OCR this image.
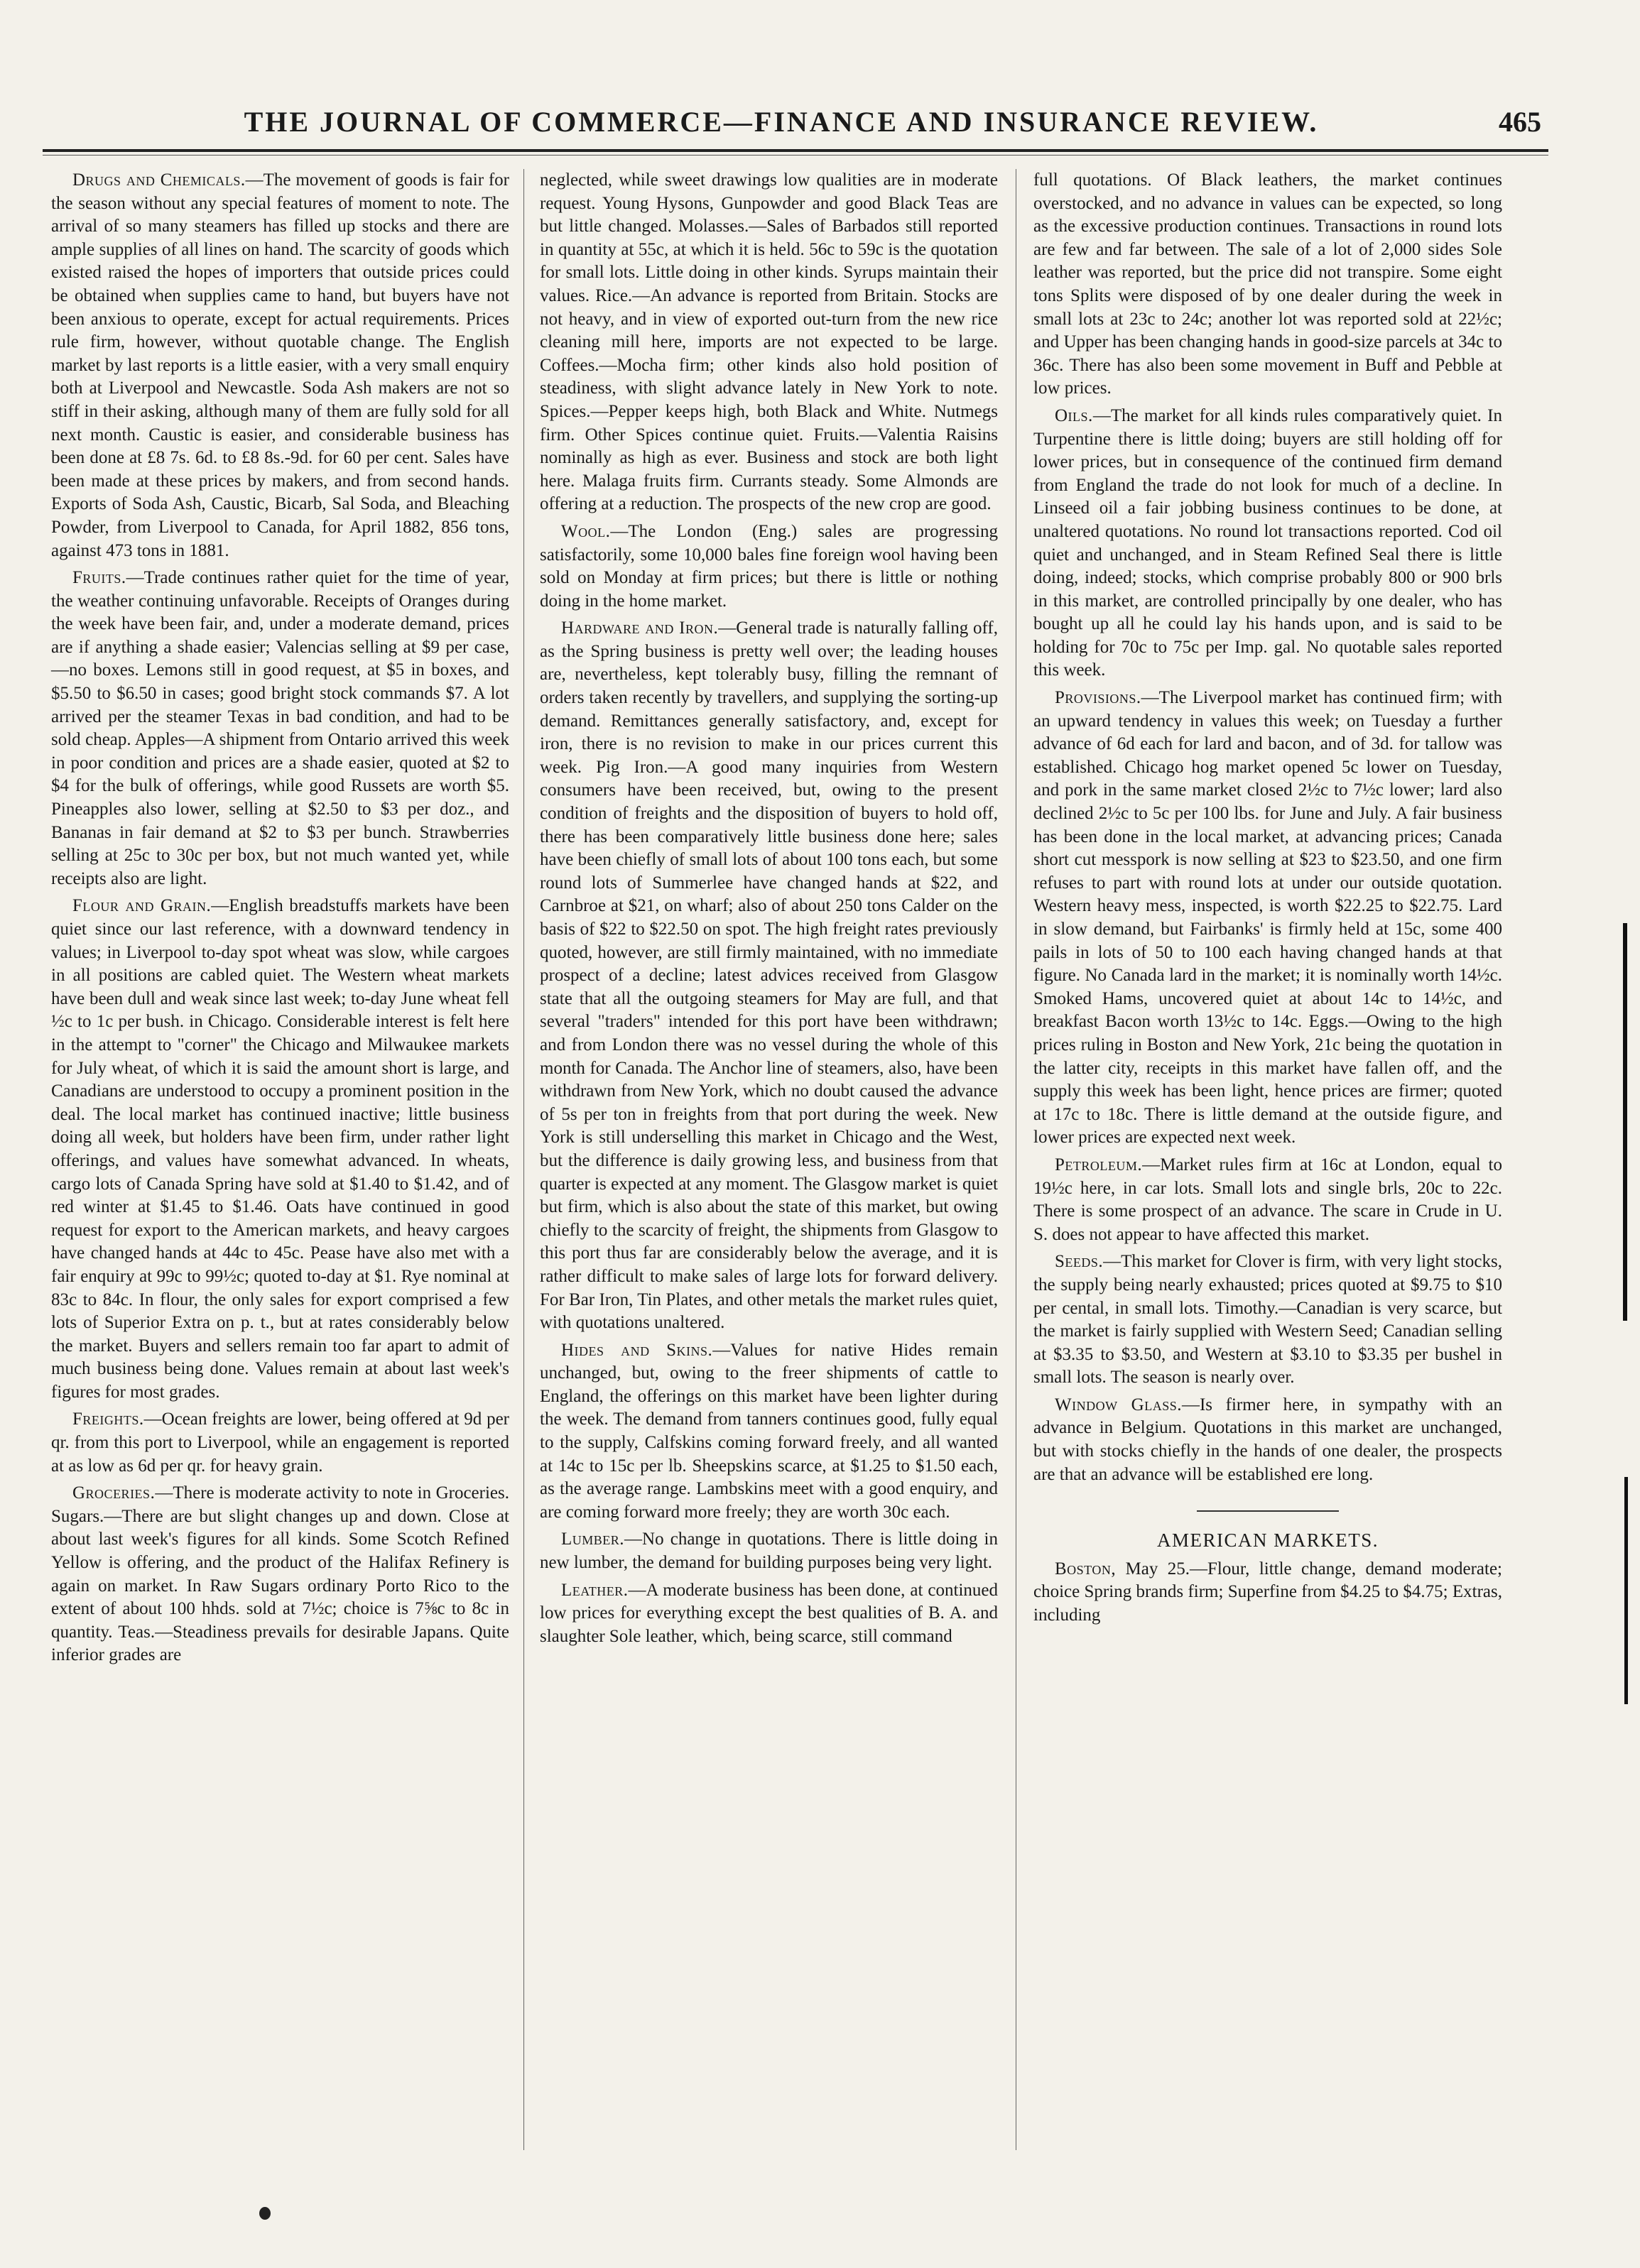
THE JOURNAL OF COMMERCE—FINANCE AND INSURANCE REVIEW.	465

Drugs and Chemicals.—The movement of goods is fair for the season without any special features of moment to note. The arrival of so many steamers has filled up stocks and there are ample supplies of all lines on hand. The scarcity of goods which existed raised the hopes of importers that outside prices could be obtained when supplies came to hand, but buyers have not been anxious to operate, except for actual requirements. Prices rule firm, however, without quotable change. The English market by last reports is a little easier, with a very small enquiry both at Liverpool and Newcastle. Soda Ash makers are not so stiff in their asking, although many of them are fully sold for all next month. Caustic is easier, and considerable business has been done at £8 7s. 6d. to £8 8s.-9d. for 60 per cent. Sales have been made at these prices by makers, and from second hands. Exports of Soda Ash, Caustic, Bicarb, Sal Soda, and Bleaching Powder, from Liverpool to Canada, for April 1882, 856 tons, against 473 tons in 1881.

Fruits.—Trade continues rather quiet for the time of year, the weather continuing unfavorable. Receipts of Oranges during the week have been fair, and, under a moderate demand, prices are if anything a shade easier; Valencias selling at $9 per case,—no boxes. Lemons still in good request, at $5 in boxes, and $5.50 to $6.50 in cases; good bright stock commands $7. A lot arrived per the steamer Texas in bad condition, and had to be sold cheap. Apples—A shipment from Ontario arrived this week in poor condition and prices are a shade easier, quoted at $2 to $4 for the bulk of offerings, while good Russets are worth $5. Pineapples also lower, selling at $2.50 to $3 per doz., and Bananas in fair demand at $2 to $3 per bunch. Strawberries selling at 25c to 30c per box, but not much wanted yet, while receipts also are light.

Flour and Grain.—English breadstuffs markets have been quiet since our last reference, with a downward tendency in values; in Liverpool to-day spot wheat was slow, while cargoes in all positions are cabled quiet. The Western wheat markets have been dull and weak since last week; to-day June wheat fell ½c to 1c per bush. in Chicago. Considerable interest is felt here in the attempt to "corner" the Chicago and Milwaukee markets for July wheat, of which it is said the amount short is large, and Canadians are understood to occupy a prominent position in the deal. The local market has continued inactive; little business doing all week, but holders have been firm, under rather light offerings, and values have somewhat advanced. In wheats, cargo lots of Canada Spring have sold at $1.40 to $1.42, and of red winter at $1.45 to $1.46. Oats have continued in good request for export to the American markets, and heavy cargoes have changed hands at 44c to 45c. Pease have also met with a fair enquiry at 99c to 99½c; quoted to-day at $1. Rye nominal at 83c to 84c. In flour, the only sales for export comprised a few lots of Superior Extra on p. t., but at rates considerably below the market. Buyers and sellers remain too far apart to admit of much business being done. Values remain at about last week's figures for most grades.

Freights.—Ocean freights are lower, being offered at 9d per qr. from this port to Liverpool, while an engagement is reported at as low as 6d per qr. for heavy grain.

Groceries.—There is moderate activity to note in Groceries. Sugars.—There are but slight changes up and down. Close at about last week's figures for all kinds. Some Scotch Refined Yellow is offering, and the product of the Halifax Refinery is again on market. In Raw Sugars ordinary Porto Rico to the extent of about 100 hhds. sold at 7½c; choice is 7⅝c to 8c in quantity. Teas.—Steadiness prevails for desirable Japans. Quite inferior grades are

neglected, while sweet drawings low qualities are in moderate request. Young Hysons, Gunpowder and good Black Teas are but little changed. Molasses.—Sales of Barbados still reported in quantity at 55c, at which it is held. 56c to 59c is the quotation for small lots. Little doing in other kinds. Syrups maintain their values. Rice.—An advance is reported from Britain. Stocks are not heavy, and in view of exported out-turn from the new rice cleaning mill here, imports are not expected to be large. Coffees.—Mocha firm; other kinds also hold position of steadiness, with slight advance lately in New York to note. Spices.—Pepper keeps high, both Black and White. Nutmegs firm. Other Spices continue quiet. Fruits.—Valentia Raisins nominally as high as ever. Business and stock are both light here. Malaga fruits firm. Currants steady. Some Almonds are offering at a reduction. The prospects of the new crop are good.

Wool.—The London (Eng.) sales are progressing satisfactorily, some 10,000 bales fine foreign wool having been sold on Monday at firm prices; but there is little or nothing doing in the home market.

Hardware and Iron.—General trade is naturally falling off, as the Spring business is pretty well over; the leading houses are, nevertheless, kept tolerably busy, filling the remnant of orders taken recently by travellers, and supplying the sorting-up demand. Remittances generally satisfactory, and, except for iron, there is no revision to make in our prices current this week. Pig Iron.—A good many inquiries from Western consumers have been received, but, owing to the present condition of freights and the disposition of buyers to hold off, there has been comparatively little business done here; sales have been chiefly of small lots of about 100 tons each, but some round lots of Summerlee have changed hands at $22, and Carnbroe at $21, on wharf; also of about 250 tons Calder on the basis of $22 to $22.50 on spot. The high freight rates previously quoted, however, are still firmly maintained, with no immediate prospect of a decline; latest advices received from Glasgow state that all the outgoing steamers for May are full, and that several "traders" intended for this port have been withdrawn; and from London there was no vessel during the whole of this month for Canada. The Anchor line of steamers, also, have been withdrawn from New York, which no doubt caused the advance of 5s per ton in freights from that port during the week. New York is still underselling this market in Chicago and the West, but the difference is daily growing less, and business from that quarter is expected at any moment. The Glasgow market is quiet but firm, which is also about the state of this market, but owing chiefly to the scarcity of freight, the shipments from Glasgow to this port thus far are considerably below the average, and it is rather difficult to make sales of large lots for forward delivery. For Bar Iron, Tin Plates, and other metals the market rules quiet, with quotations unaltered.

Hides and Skins.—Values for native Hides remain unchanged, but, owing to the freer shipments of cattle to England, the offerings on this market have been lighter during the week. The demand from tanners continues good, fully equal to the supply, Calfskins coming forward freely, and all wanted at 14c to 15c per lb. Sheepskins scarce, at $1.25 to $1.50 each, as the average range. Lambskins meet with a good enquiry, and are coming forward more freely; they are worth 30c each.

Lumber.—No change in quotations. There is little doing in new lumber, the demand for building purposes being very light.

Leather.—A moderate business has been done, at continued low prices for everything except the best qualities of B. A. and slaughter Sole leather, which, being scarce, still command

full quotations. Of Black leathers, the market continues overstocked, and no advance in values can be expected, so long as the excessive production continues. Transactions in round lots are few and far between. The sale of a lot of 2,000 sides Sole leather was reported, but the price did not transpire. Some eight tons Splits were disposed of by one dealer during the week in small lots at 23c to 24c; another lot was reported sold at 22½c; and Upper has been changing hands in good-size parcels at 34c to 36c. There has also been some movement in Buff and Pebble at low prices.

Oils.—The market for all kinds rules comparatively quiet. In Turpentine there is little doing; buyers are still holding off for lower prices, but in consequence of the continued firm demand from England the trade do not look for much of a decline. In Linseed oil a fair jobbing business continues to be done, at unaltered quotations. No round lot transactions reported. Cod oil quiet and unchanged, and in Steam Refined Seal there is little doing, indeed; stocks, which comprise probably 800 or 900 brls in this market, are controlled principally by one dealer, who has bought up all he could lay his hands upon, and is said to be holding for 70c to 75c per Imp. gal. No quotable sales reported this week.

Provisions.—The Liverpool market has continued firm; with an upward tendency in values this week; on Tuesday a further advance of 6d each for lard and bacon, and of 3d. for tallow was established. Chicago hog market opened 5c lower on Tuesday, and pork in the same market closed 2½c to 7½c lower; lard also declined 2½c to 5c per 100 lbs. for June and July. A fair business has been done in the local market, at advancing prices; Canada short cut messpork is now selling at $23 to $23.50, and one firm refuses to part with round lots at under our outside quotation. Western heavy mess, inspected, is worth $22.25 to $22.75. Lard in slow demand, but Fairbanks' is firmly held at 15c, some 400 pails in lots of 50 to 100 each having changed hands at that figure. No Canada lard in the market; it is nominally worth 14½c. Smoked Hams, uncovered quiet at about 14c to 14½c, and breakfast Bacon worth 13½c to 14c. Eggs.—Owing to the high prices ruling in Boston and New York, 21c being the quotation in the latter city, receipts in this market have fallen off, and the supply this week has been light, hence prices are firmer; quoted at 17c to 18c. There is little demand at the outside figure, and lower prices are expected next week.

Petroleum.—Market rules firm at 16c at London, equal to 19½c here, in car lots. Small lots and single brls, 20c to 22c. There is some prospect of an advance. The scare in Crude in U. S. does not appear to have affected this market.

Seeds.—This market for Clover is firm, with very light stocks, the supply being nearly exhausted; prices quoted at $9.75 to $10 per cental, in small lots. Timothy.—Canadian is very scarce, but the market is fairly supplied with Western Seed; Canadian selling at $3.35 to $3.50, and Western at $3.10 to $3.35 per bushel in small lots. The season is nearly over.

Window Glass.—Is firmer here, in sympathy with an advance in Belgium. Quotations in this market are unchanged, but with stocks chiefly in the hands of one dealer, the prospects are that an advance will be established ere long.

AMERICAN MARKETS.

Boston, May 25.—Flour, little change, demand moderate; choice Spring brands firm; Superfine from $4.25 to $4.75; Extras, including
